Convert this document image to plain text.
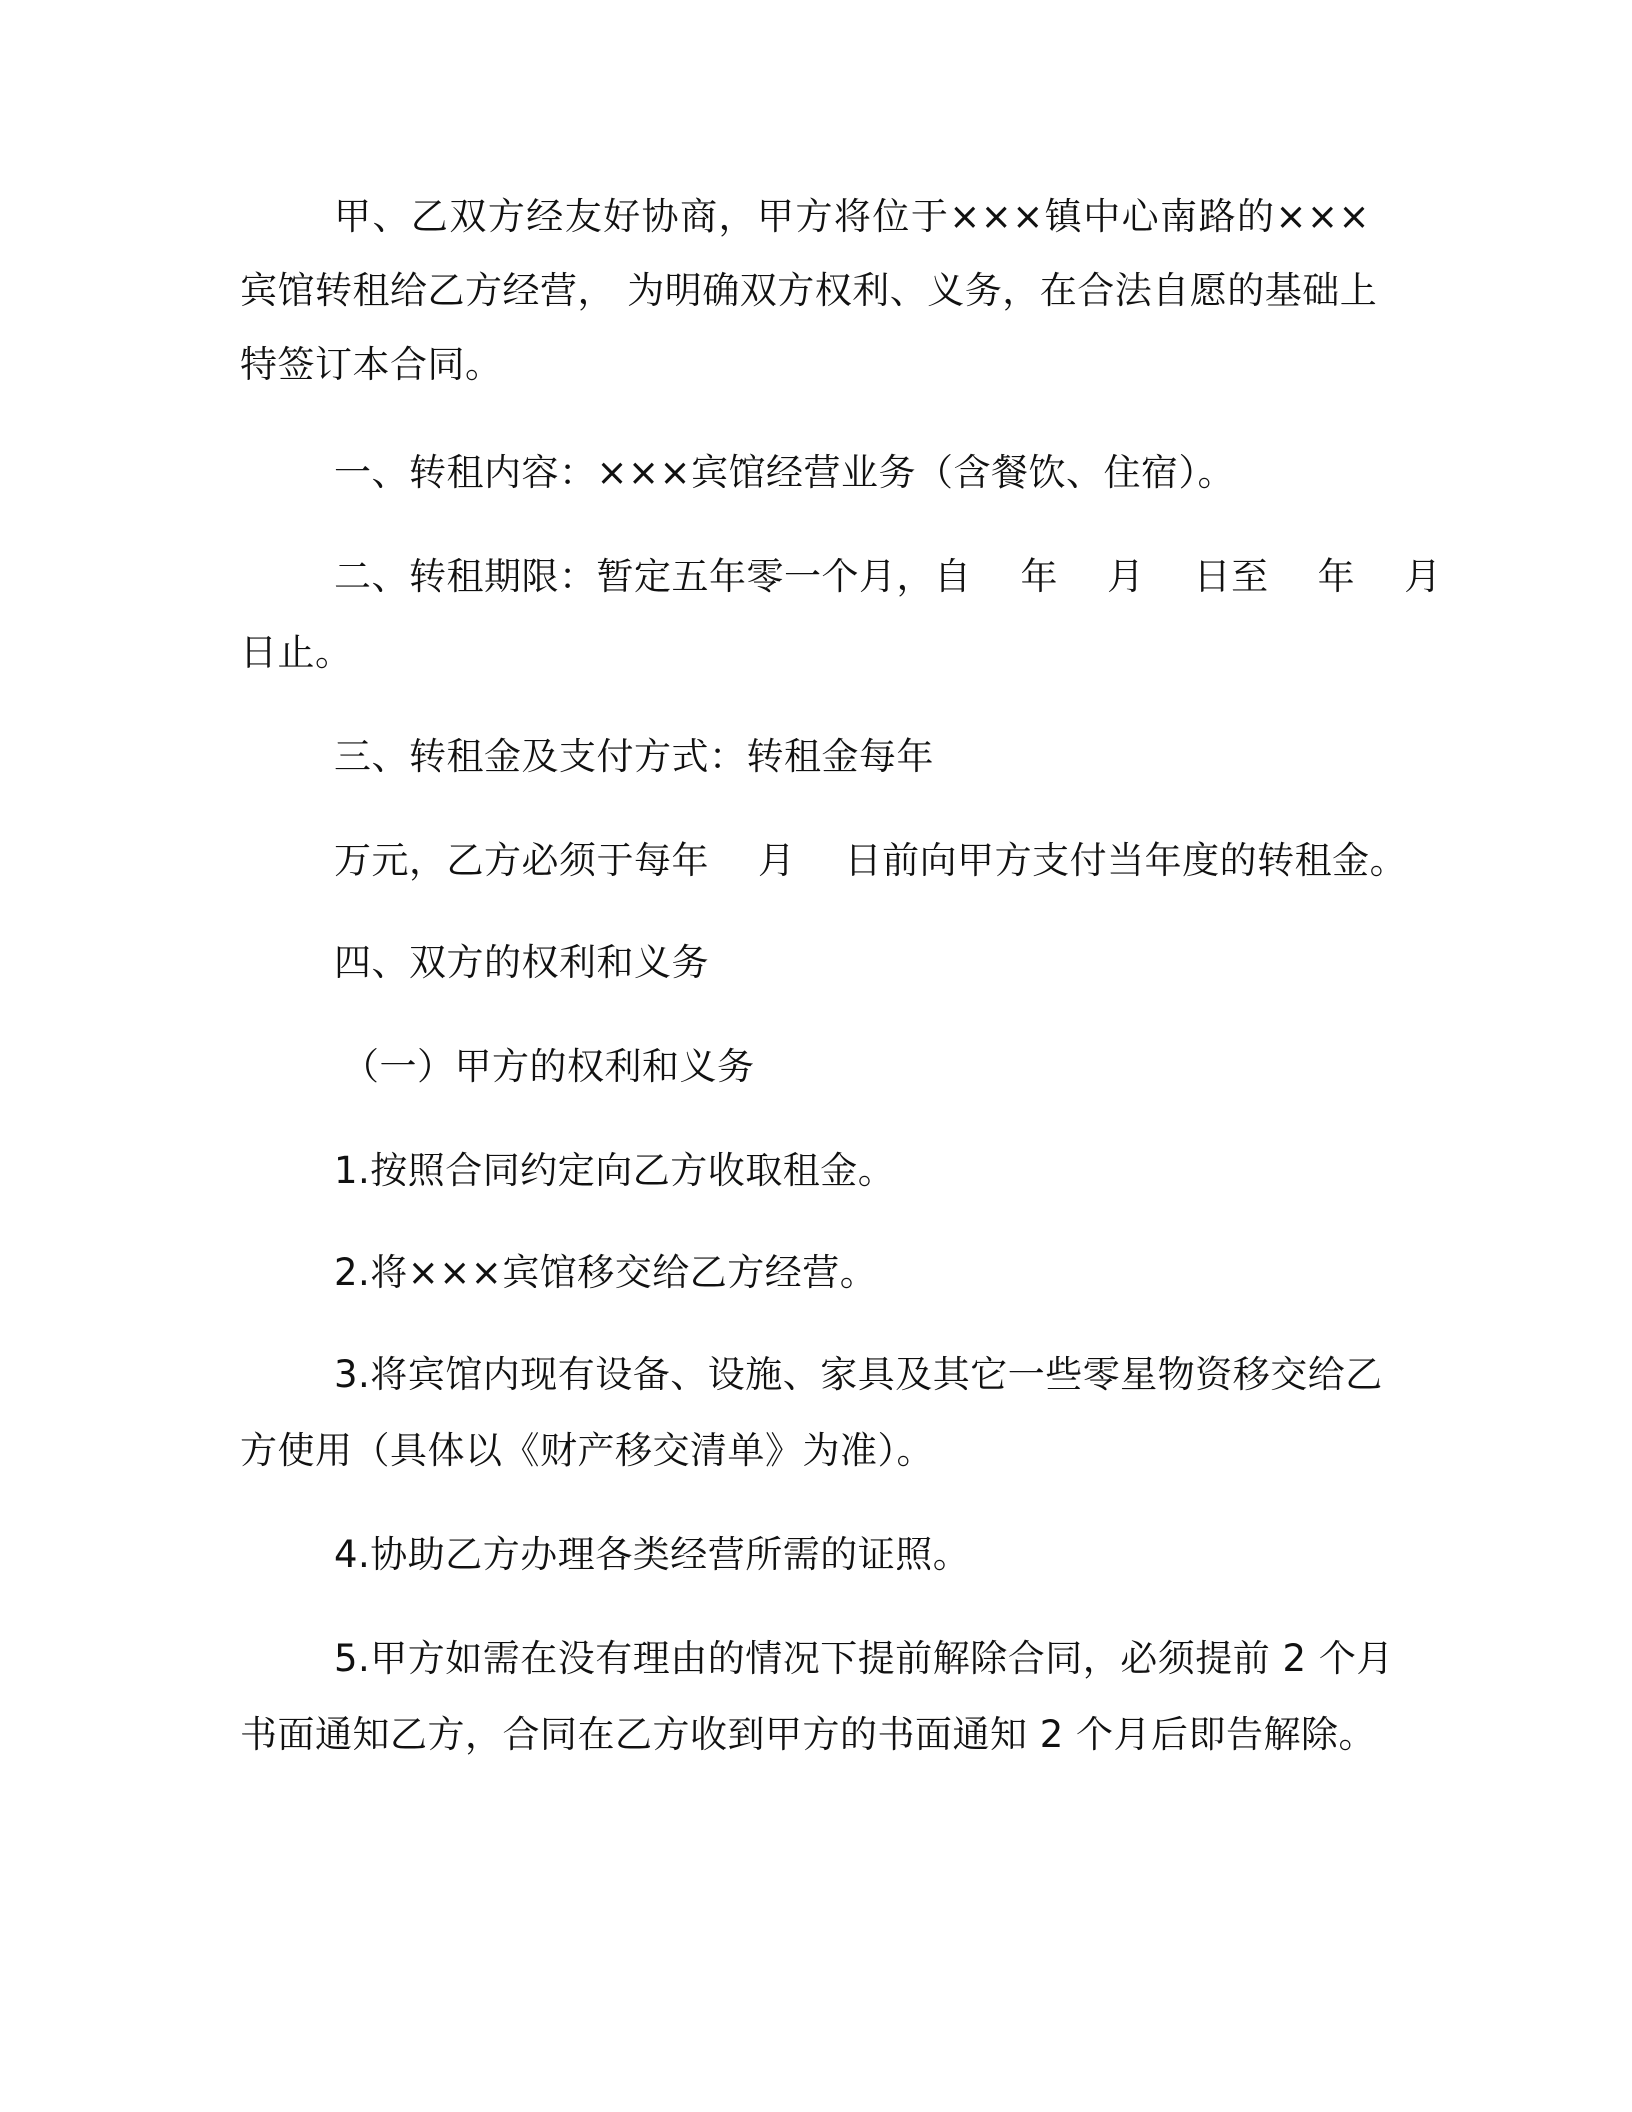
甲、乙双方经友好协商，甲方将位于×××镇中心南路的×××
宾馆转租给乙方经营， 为明确双方权利、义务，在合法自愿的基础上
特签订本合同。
一、转租内容：×××宾馆经营业务（含餐饮、住宿）。
二、转租期限：暂定五年零一个月，自    年    月    日至    年    月
日止。
三、转租金及支付方式：转租金每年
万元，乙方必须于每年    月    日前向甲方支付当年度的转租金。
四、双方的权利和义务
（一）甲方的权利和义务
1.按照合同约定向乙方收取租金。
2.将×××宾馆移交给乙方经营。
3.将宾馆内现有设备、设施、家具及其它一些零星物资移交给乙
方使用（具体以《财产移交清单》为准）。
4.协助乙方办理各类经营所需的证照。
5.甲方如需在没有理由的情况下提前解除合同，必须提前 2 个月
书面通知乙方，合同在乙方收到甲方的书面通知 2 个月后即告解除。
